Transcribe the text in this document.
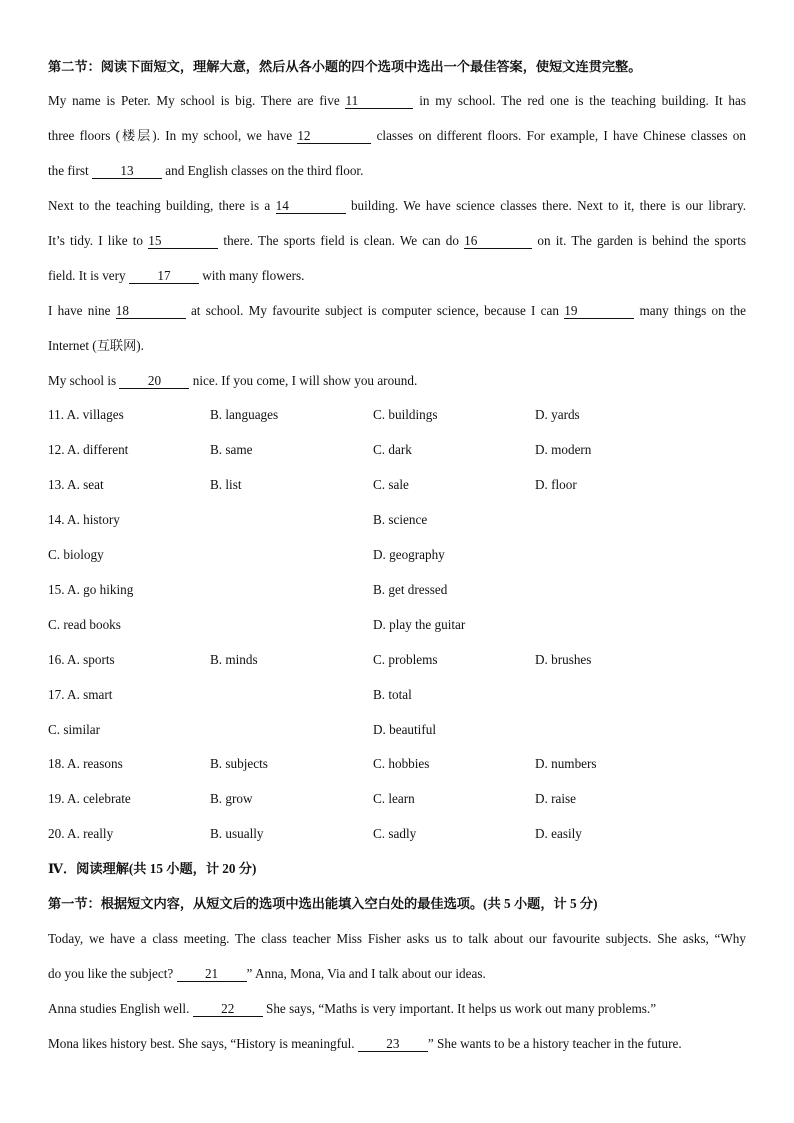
第二节：阅读下面短文，理解大意，然后从各小题的四个选项中选出一个最佳答案，使短文连贯完整。
My name is Peter. My school is big. There are five 11	in my school. The red one is the teaching building. It has
three floors (楼层). In my school, we have 12	classes on different floors. For example, I have Chinese classes on
the first 13 and English classes on the third floor.
Next to the teaching building, there is a 14	building. We have science classes there. Next to it, there is our library.
It’s tidy. I like to 15	there. The sports field is clean. We can do 16	on it. The garden is behind the sports
field. It is very 17 with many flowers.
I have nine 18	at school. My favourite subject is computer science, because I can 19	many things on the
Internet (互联网).
My school is 20 nice. If you come, I will show you around.
11. A. villages	B. languages	C. buildings	D. yards
12. A. different	B. same	C. dark	D. modern
13. A. seat	B. list	C. sale	D. floor
14. A. history	B. science
C. biology	D. geography
15. A. go hiking	B. get dressed
C. read books	D. play the guitar
16. A. sports	B. minds	C. problems	D. brushes
17. A. smart	B. total
C. similar	D. beautiful
18. A. reasons	B. subjects	C. hobbies	D. numbers
19. A. celebrate	B. grow	C. learn	D. raise
20. A. really	B. usually	C. sadly	D. easily
Ⅳ．阅读理解(共 15 小题，计 20 分)
第一节：根据短文内容，从短文后的选项中选出能填入空白处的最佳选项。(共 5 小题，计 5 分)
Today, we have a class meeting. The class teacher Miss Fisher asks us to talk about our favourite subjects. She asks, “Why
do you like the subject? 21 ” Anna, Mona, Via and I talk about our ideas.
Anna studies English well. 22 She says, “Maths is very important. It helps us work out many problems.”
Mona likes history best. She says, “History is meaningful. 23 ” She wants to be a history teacher in the future.
